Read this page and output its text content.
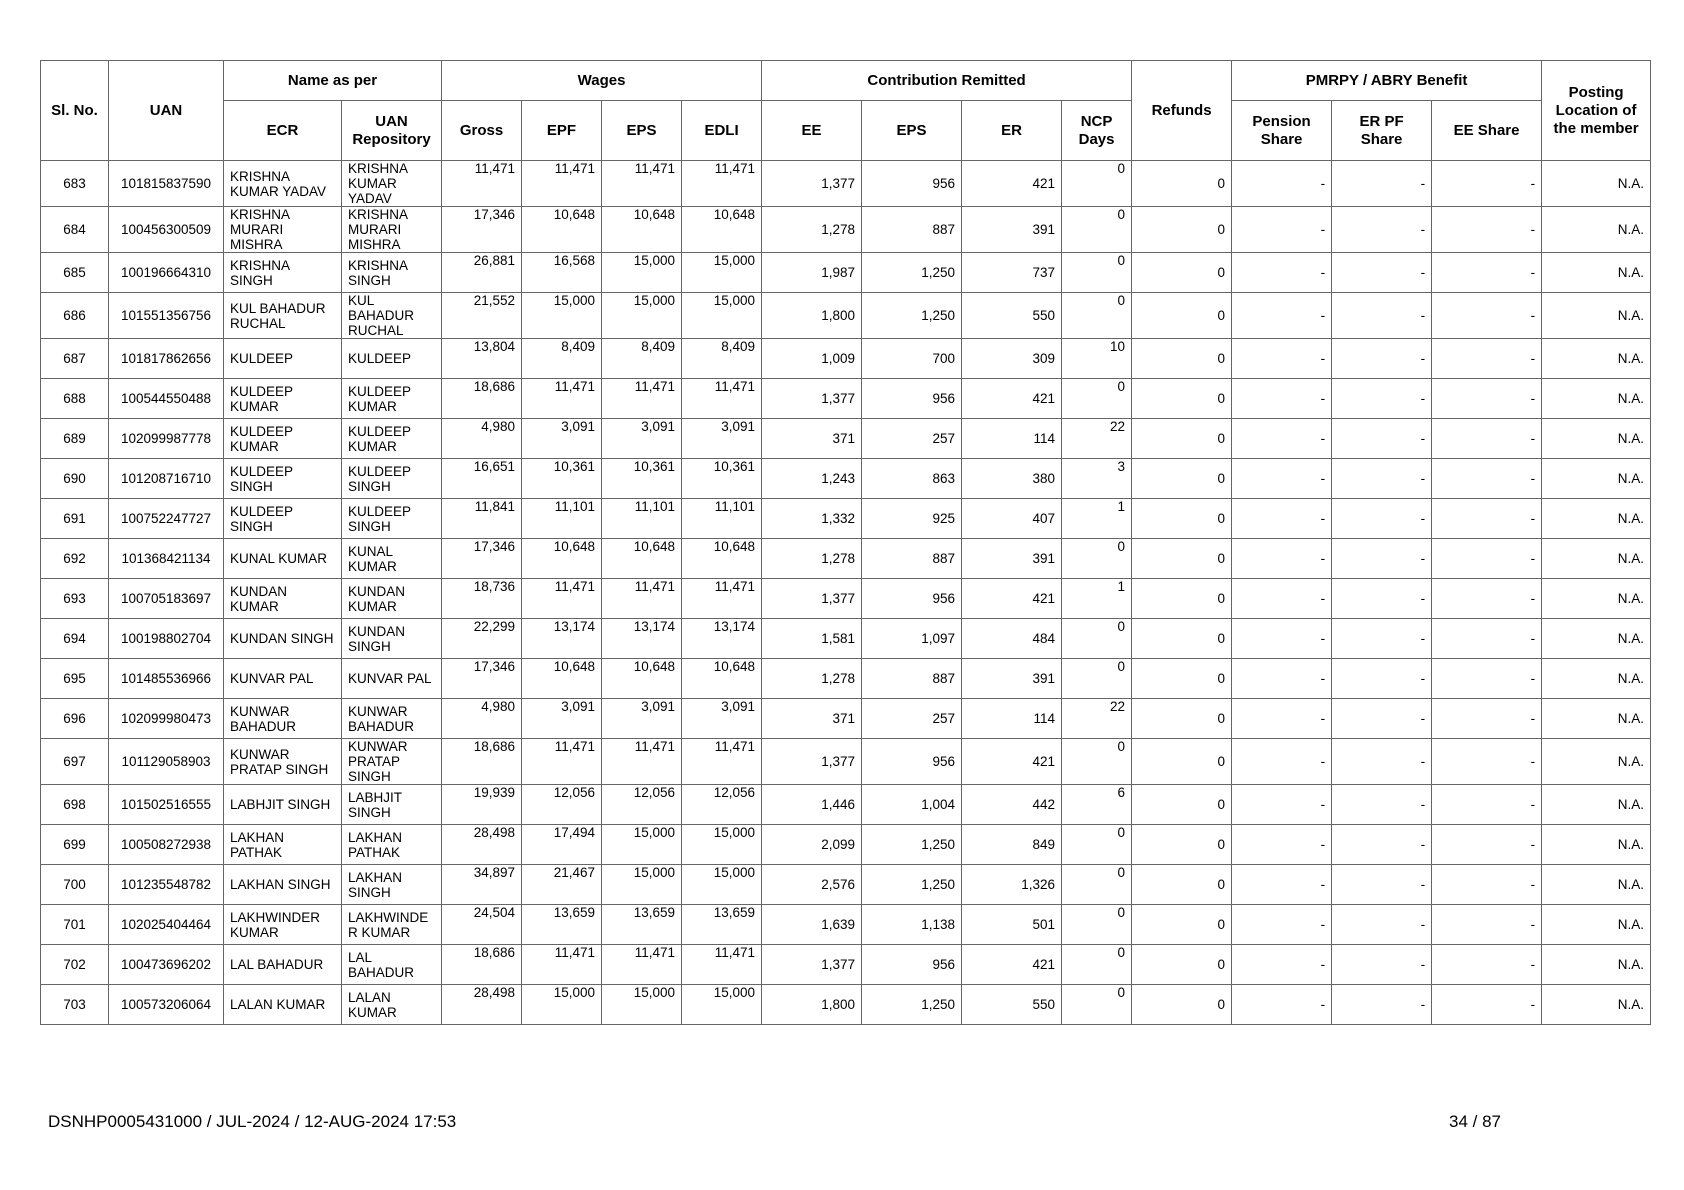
Sl. No.	UAN	Name as per		Wages				Contribution Remitted				Refunds	PMRPY / ABRY Benefit			Posting Location of the member
		ECR	UAN Repository	Gross	EPF	EPS	EDLI	EE	EPS	ER	NCP Days		Pension Share	ER PF Share	EE Share	
683	101815837590	KRISHNA KUMAR YADAV	KRISHNA KUMAR YADAV	11,471	11,471	11,471	11,471	1,377	956	421	0	0	-	-	-	N.A.
684	100456300509	KRISHNA MURARI MISHRA	KRISHNA MURARI MISHRA	17,346	10,648	10,648	10,648	1,278	887	391	0	0	-	-	-	N.A.
685	100196664310	KRISHNA SINGH	KRISHNA SINGH	26,881	16,568	15,000	15,000	1,987	1,250	737	0	0	-	-	-	N.A.
686	101551356756	KUL BAHADUR RUCHAL	KUL BAHADUR RUCHAL	21,552	15,000	15,000	15,000	1,800	1,250	550	0	0	-	-	-	N.A.
687	101817862656	KULDEEP	KULDEEP	13,804	8,409	8,409	8,409	1,009	700	309	10	0	-	-	-	N.A.
688	100544550488	KULDEEP KUMAR	KULDEEP KUMAR	18,686	11,471	11,471	11,471	1,377	956	421	0	0	-	-	-	N.A.
689	102099987778	KULDEEP KUMAR	KULDEEP KUMAR	4,980	3,091	3,091	3,091	371	257	114	22	0	-	-	-	N.A.
690	101208716710	KULDEEP SINGH	KULDEEP SINGH	16,651	10,361	10,361	10,361	1,243	863	380	3	0	-	-	-	N.A.
691	100752247727	KULDEEP SINGH	KULDEEP SINGH	11,841	11,101	11,101	11,101	1,332	925	407	1	0	-	-	-	N.A.
692	101368421134	KUNAL KUMAR	KUNAL KUMAR	17,346	10,648	10,648	10,648	1,278	887	391	0	0	-	-	-	N.A.
693	100705183697	KUNDAN KUMAR	KUNDAN KUMAR	18,736	11,471	11,471	11,471	1,377	956	421	1	0	-	-	-	N.A.
694	100198802704	KUNDAN SINGH	KUNDAN SINGH	22,299	13,174	13,174	13,174	1,581	1,097	484	0	0	-	-	-	N.A.
695	101485536966	KUNVAR PAL	KUNVAR PAL	17,346	10,648	10,648	10,648	1,278	887	391	0	0	-	-	-	N.A.
696	102099980473	KUNWAR BAHADUR	KUNWAR BAHADUR	4,980	3,091	3,091	3,091	371	257	114	22	0	-	-	-	N.A.
697	101129058903	KUNWAR PRATAP SINGH	KUNWAR PRATAP SINGH	18,686	11,471	11,471	11,471	1,377	956	421	0	0	-	-	-	N.A.
698	101502516555	LABHJIT SINGH	LABHJIT SINGH	19,939	12,056	12,056	12,056	1,446	1,004	442	6	0	-	-	-	N.A.
699	100508272938	LAKHAN PATHAK	LAKHAN PATHAK	28,498	17,494	15,000	15,000	2,099	1,250	849	0	0	-	-	-	N.A.
700	101235548782	LAKHAN SINGH	LAKHAN SINGH	34,897	21,467	15,000	15,000	2,576	1,250	1,326	0	0	-	-	-	N.A.
701	102025404464	LAKHWINDER KUMAR	LAKHWINDE R KUMAR	24,504	13,659	13,659	13,659	1,639	1,138	501	0	0	-	-	-	N.A.
702	100473696202	LAL BAHADUR	LAL BAHADUR	18,686	11,471	11,471	11,471	1,377	956	421	0	0	-	-	-	N.A.
703	100573206064	LALAN KUMAR	LALAN KUMAR	28,498	15,000	15,000	15,000	1,800	1,250	550	0	0	-	-	-	N.A.
DSNHP0005431000 / JUL-2024 / 12-AUG-2024 17:53	34 / 87
